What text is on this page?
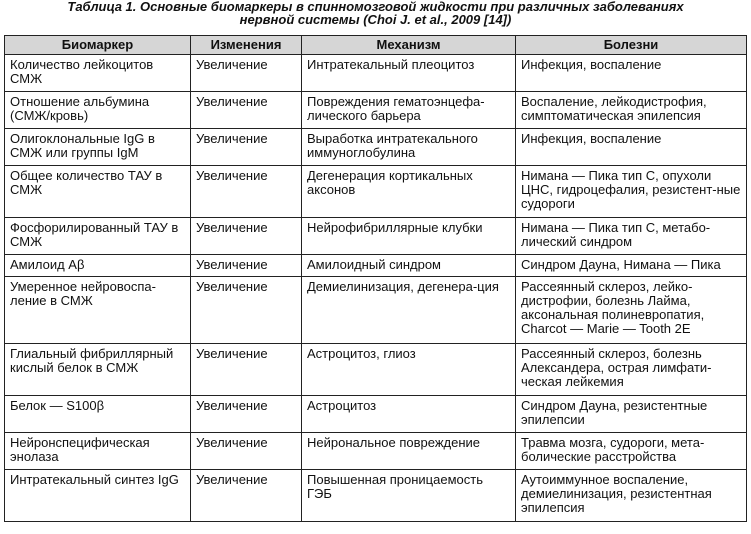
Таблица 1. Основные биомаркеры в спинномозговой жидкости при различных заболеваниях
нервной системы (Choi J. et al., 2009 [14])
Биомаркер	Изменения	Механизм	Болезни
Количество лейкоцитов СМЖ	Увеличение	Интратекальный плеоцитоз	Инфекция, воспаление
Отношение альбумина (СМЖ/кровь)	Увеличение	Повреждения гематоэнцефа-лического барьера	Воспаление, лейкодистрофия, симптоматическая эпилепсия
Олигоклональные IgG в СМЖ или группы IgM	Увеличение	Выработка интратекального иммуноглобулина	Инфекция, воспаление
Общее количество ТАУ в СМЖ	Увеличение	Дегенерация кортикальных аксонов	Нимана — Пика тип С, опухоли ЦНС, гидроцефалия, резистент-ные судороги
Фосфорилированный ТАУ в СМЖ	Увеличение	Нейрофибриллярные клубки	Нимана — Пика тип С, метабо-лический синдром
Амилоид Aβ	Увеличение	Амилоидный синдром	Синдром Дауна, Нимана — Пика
Умеренное нейровоспа-ление в СМЖ	Увеличение	Демиелинизация, дегенера-ция	Рассеянный склероз, лейко-дистрофии, болезнь Лайма, аксональная полиневропатия, Charcot — Marie — Tooth 2E
Глиальный фибриллярный кислый белок в СМЖ	Увеличение	Астроцитоз, глиоз	Рассеянный склероз, болезнь Александера, острая лимфати-ческая лейкемия
Белок — S100β	Увеличение	Астроцитоз	Синдром Дауна, резистентные эпилепсии
Нейронспецифическая энолаза	Увеличение	Нейрональное повреждение	Травма мозга, судороги, мета-болические расстройства
Интратекальный синтез IgG	Увеличение	Повышенная проницаемость ГЭБ	Аутоиммунное воспаление, демиелинизация, резистентная эпилепсия
